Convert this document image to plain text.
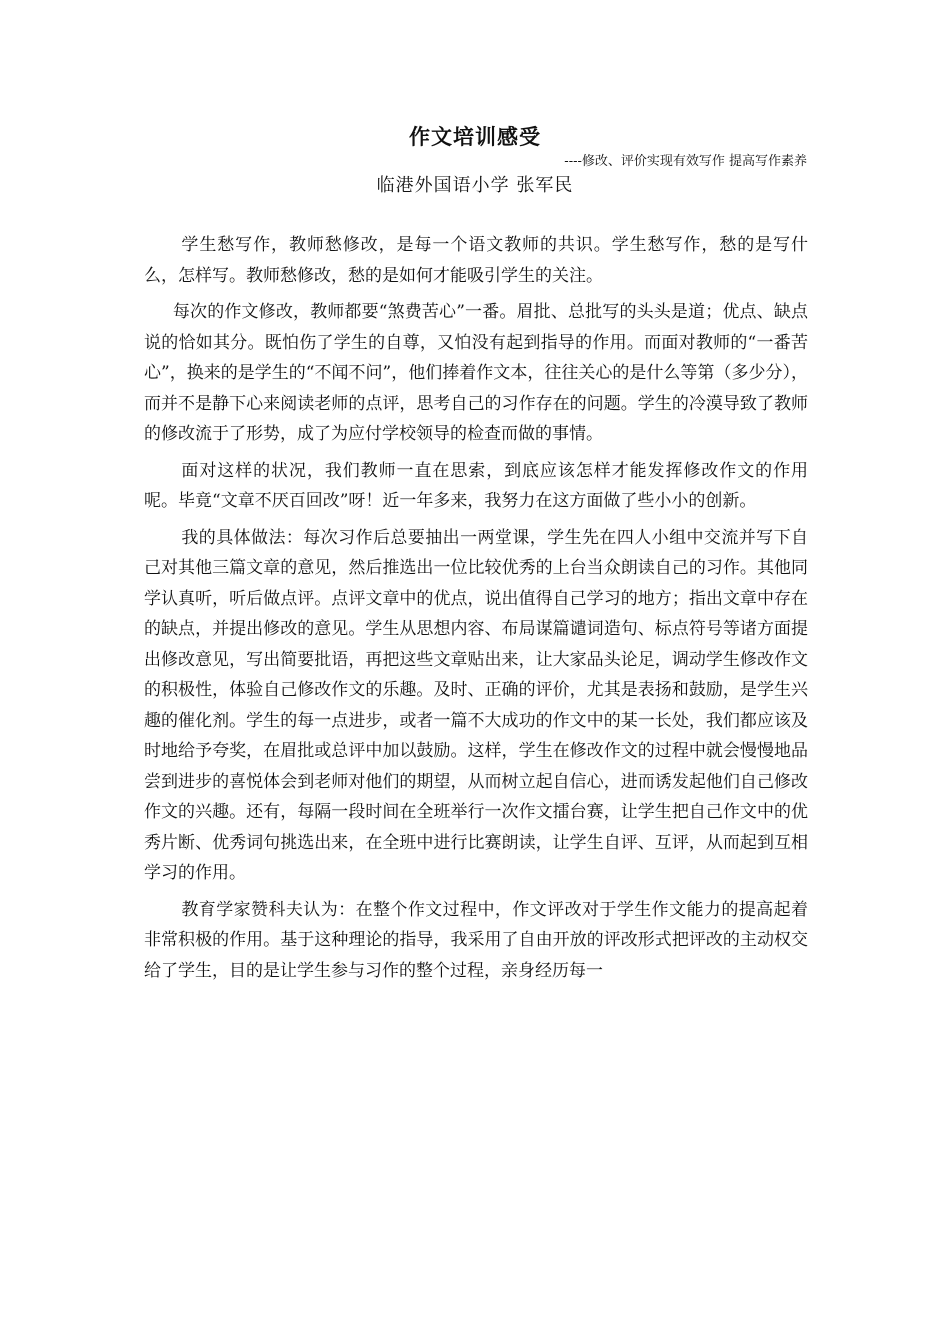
作文培训感受
----修改、评价实现有效写作 提高写作素养
临港外国语小学 张军民

学生愁写作，教师愁修改，是每一个语文教师的共识。学生愁写作，愁的是写什么，怎样写。教师愁修改，愁的是如何才能吸引学生的关注。

每次的作文修改，教师都要“煞费苦心”一番。眉批、总批写的头头是道；优点、缺点说的恰如其分。既怕伤了学生的自尊，又怕没有起到指导的作用。而面对教师的“一番苦心”，换来的是学生的“不闻不问”，他们捧着作文本，往往关心的是什么等第（多少分），而并不是静下心来阅读老师的点评，思考自己的习作存在的问题。学生的冷漠导致了教师的修改流于了形势，成了为应付学校领导的检查而做的事情。

面对这样的状况，我们教师一直在思索，到底应该怎样才能发挥修改作文的作用呢。毕竟“文章不厌百回改”呀！近一年多来，我努力在这方面做了些小小的创新。

我的具体做法：每次习作后总要抽出一两堂课，学生先在四人小组中交流并写下自己对其他三篇文章的意见，然后推选出一位比较优秀的上台当众朗读自己的习作。其他同学认真听，听后做点评。点评文章中的优点，说出值得自己学习的地方；指出文章中存在的缺点，并提出修改的意见。学生从思想内容、布局谋篇谴词造句、标点符号等诸方面提出修改意见，写出简要批语，再把这些文章贴出来，让大家品头论足，调动学生修改作文的积极性，体验自己修改作文的乐趣。及时、正确的评价，尤其是表扬和鼓励，是学生兴趣的催化剂。学生的每一点进步，或者一篇不大成功的作文中的某一长处，我们都应该及时地给予夸奖，在眉批或总评中加以鼓励。这样，学生在修改作文的过程中就会慢慢地品尝到进步的喜悦体会到老师对他们的期望，从而树立起自信心，进而诱发起他们自己修改作文的兴趣。还有，每隔一段时间在全班举行一次作文擂台赛，让学生把自己作文中的优秀片断、优秀词句挑选出来，在全班中进行比赛朗读，让学生自评、互评，从而起到互相学习的作用。

教育学家赞科夫认为：在整个作文过程中，作文评改对于学生作文能力的提高起着非常积极的作用。基于这种理论的指导，我采用了自由开放的评改形式把评改的主动权交给了学生，目的是让学生参与习作的整个过程，亲身经历每一
